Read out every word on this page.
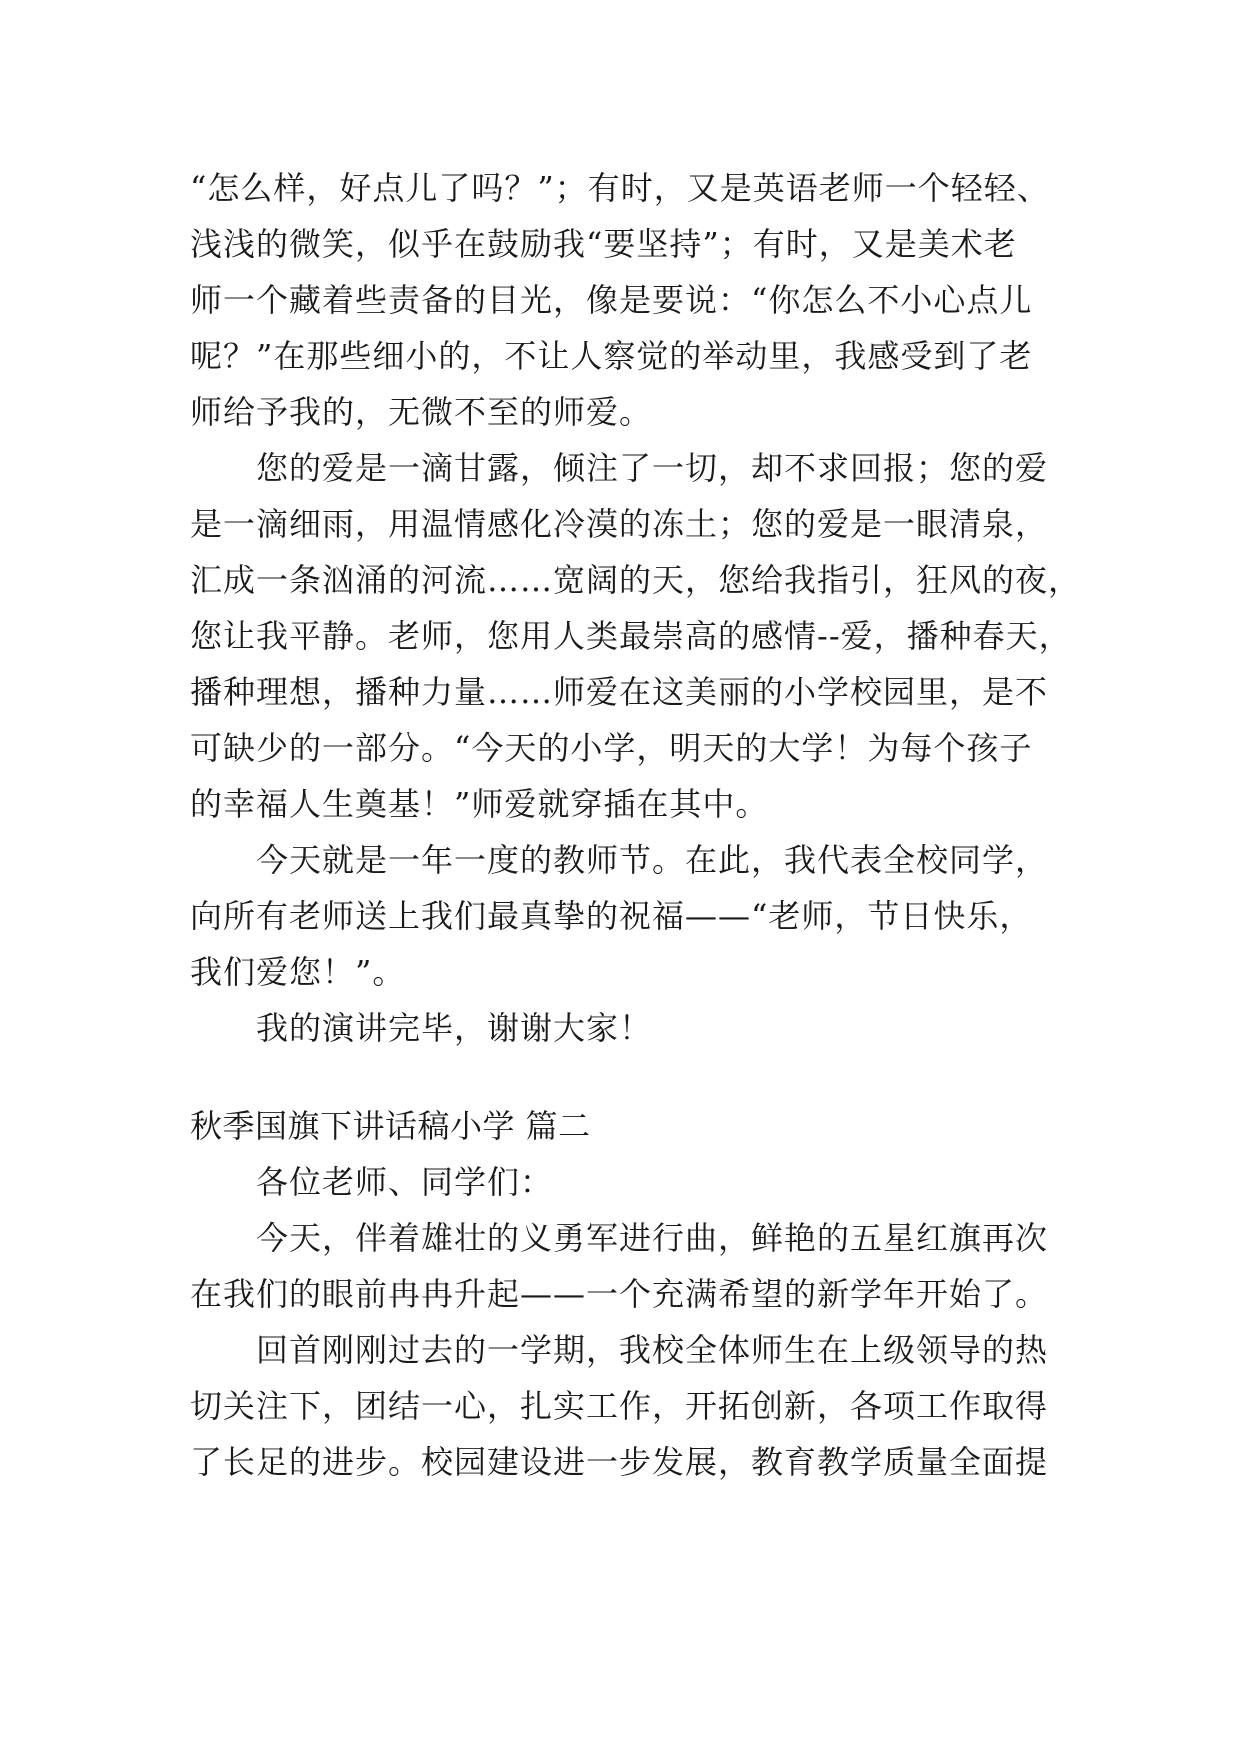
“怎么样，好点儿了吗？”；有时，又是英语老师一个轻轻、
浅浅的微笑，似乎在鼓励我“要坚持”；有时，又是美术老
师一个藏着些责备的目光，像是要说：“你怎么不小心点儿
呢？”在那些细小的，不让人察觉的举动里，我感受到了老
师给予我的，无微不至的师爱。
您的爱是一滴甘露，倾注了一切，却不求回报；您的爱
是一滴细雨，用温情感化冷漠的冻土；您的爱是一眼清泉，
汇成一条汹涌的河流……宽阔的天，您给我指引，狂风的夜，
您让我平静。老师，您用人类最崇高的感情--爱，播种春天，
播种理想，播种力量……师爱在这美丽的小学校园里，是不
可缺少的一部分。“今天的小学，明天的大学！为每个孩子
的幸福人生奠基！”师爱就穿插在其中。
今天就是一年一度的教师节。在此，我代表全校同学，
向所有老师送上我们最真挚的祝福——“老师，节日快乐，
我们爱您！”。
我的演讲完毕，谢谢大家！
秋季国旗下讲话稿小学 篇二
各位老师、同学们：
今天，伴着雄壮的义勇军进行曲，鲜艳的五星红旗再次
在我们的眼前冉冉升起——一个充满希望的新学年开始了。
回首刚刚过去的一学期，我校全体师生在上级领导的热
切关注下，团结一心，扎实工作，开拓创新，各项工作取得
了长足的进步。校园建设进一步发展，教育教学质量全面提
